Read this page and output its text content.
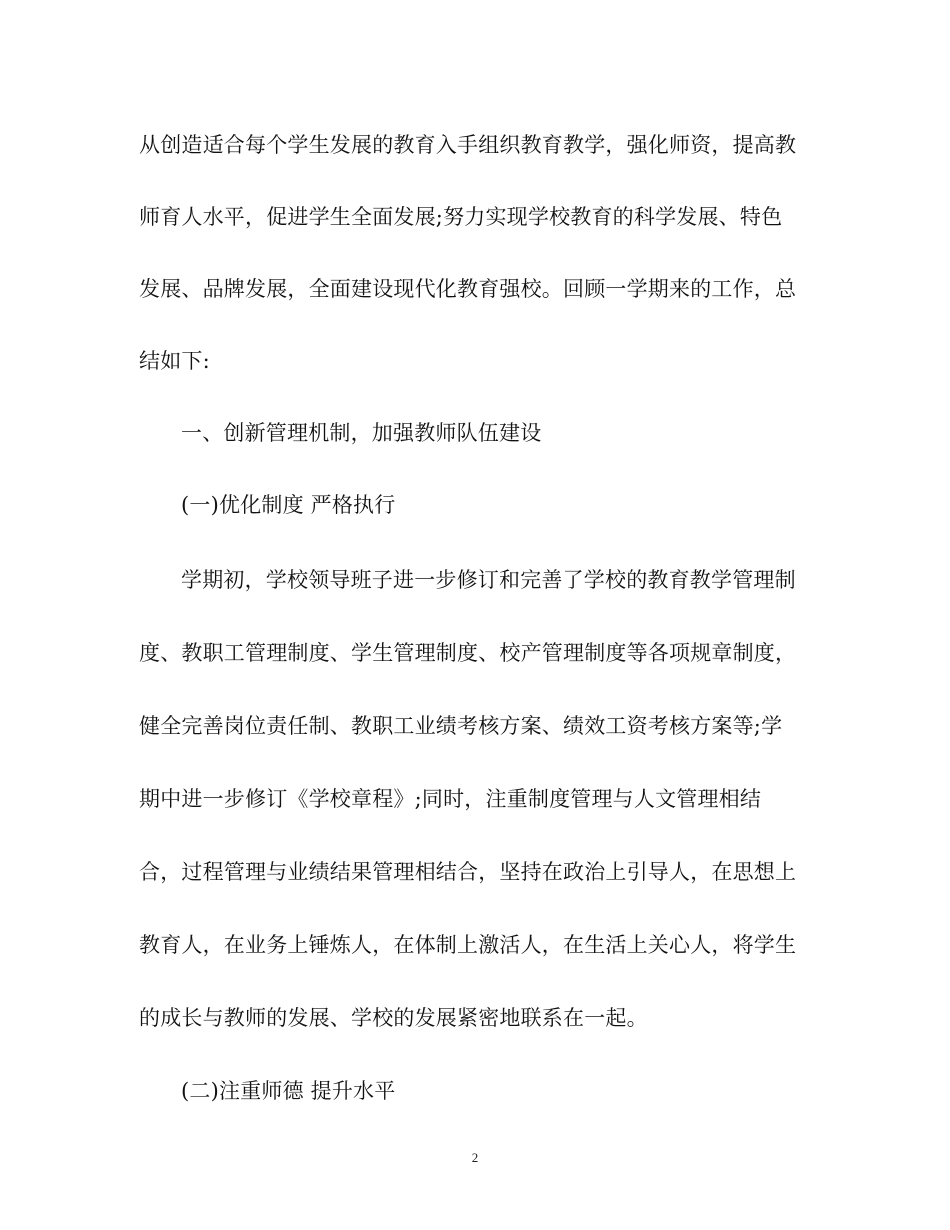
从创造适合每个学生发展的教育入手组织教育教学，强化师资，提高教
师育人水平，促进学生全面发展;努力实现学校教育的科学发展、特色
发展、品牌发展，全面建设现代化教育强校。回顾一学期来的工作，总
结如下:
一、创新管理机制，加强教师队伍建设
(一)优化制度 严格执行
学期初，学校领导班子进一步修订和完善了学校的教育教学管理制
度、教职工管理制度、学生管理制度、校产管理制度等各项规章制度，
健全完善岗位责任制、教职工业绩考核方案、绩效工资考核方案等;学
期中进一步修订《学校章程》;同时，注重制度管理与人文管理相结
合，过程管理与业绩结果管理相结合，坚持在政治上引导人，在思想上
教育人，在业务上锤炼人，在体制上激活人，在生活上关心人，将学生
的成长与教师的发展、学校的发展紧密地联系在一起。
(二)注重师德 提升水平
2
